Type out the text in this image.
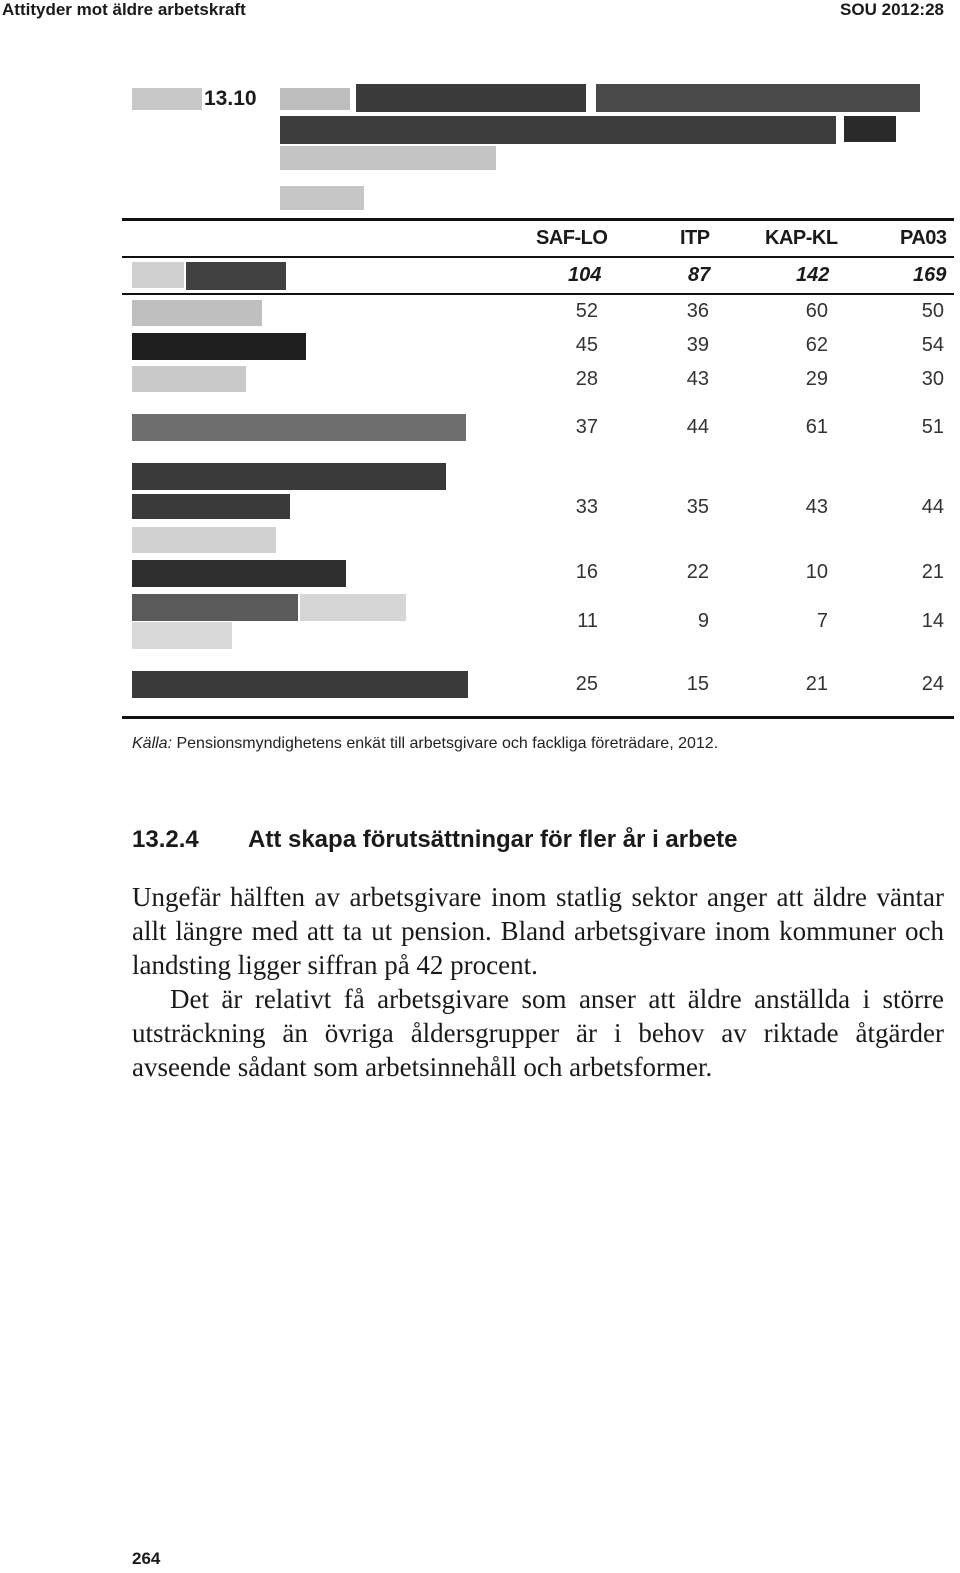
Attityder mot äldre arbetskraft	SOU 2012:28
13.10
SAF-LO	ITP	KAP-KL	PA03
104	87	142	169
52	36	60	50
45	39	62	54
28	43	29	30
37	44	61	51
33	35	43	44
16	22	10	21
11	9	7	14
25	15	21	24
Källa: Pensionsmyndighetens enkät till arbetsgivare och fackliga företrädare, 2012.
13.2.4 Att skapa förutsättningar för fler år i arbete

Ungefär hälften av arbetsgivare inom statlig sektor anger att äldre väntar allt längre med att ta ut pension. Bland arbetsgivare inom kommuner och landsting ligger siffran på 42 procent.

Det är relativt få arbetsgivare som anser att äldre anställda i större utsträckning än övriga åldersgrupper är i behov av riktade åtgärder avseende sådant som arbetsinnehåll och arbetsformer.

264
